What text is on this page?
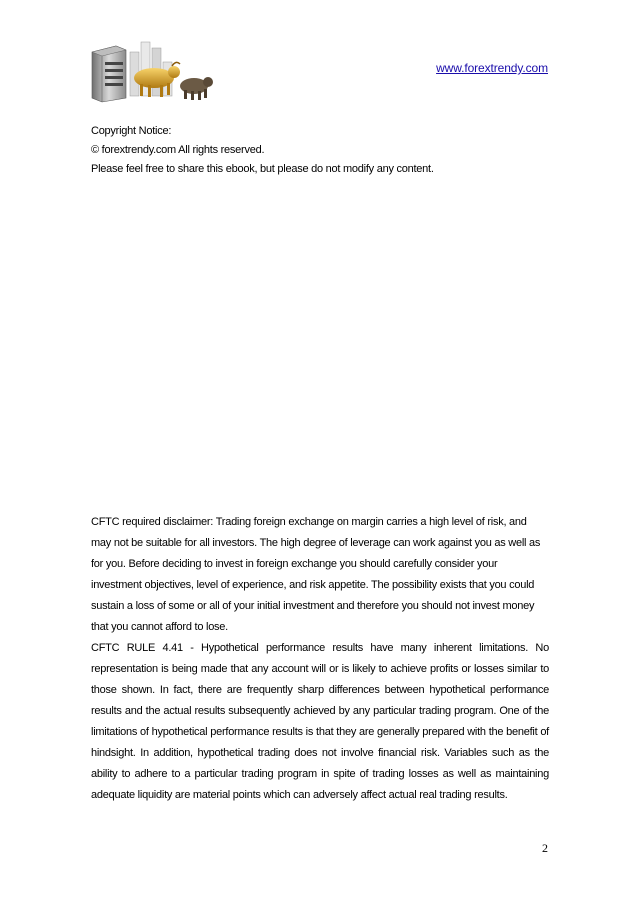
www.forextrendy.com
Copyright Notice:
© forextrendy.com All rights reserved.
Please feel free to share this ebook, but please do not modify any content.

CFTC required disclaimer: Trading foreign exchange on margin carries a high level of risk, and may not be suitable for all investors. The high degree of leverage can work against you as well as for you. Before deciding to invest in foreign exchange you should carefully consider your investment objectives, level of experience, and risk appetite. The possibility exists that you could sustain a loss of some or all of your initial investment and therefore you should not invest money that you cannot afford to lose.

CFTC RULE 4.41 - Hypothetical performance results have many inherent limitations. No representation is being made that any account will or is likely to achieve profits or losses similar to those shown. In fact, there are frequently sharp differences between hypothetical performance results and the actual results subsequently achieved by any particular trading program. One of the limitations of hypothetical performance results is that they are generally prepared with the benefit of hindsight. In addition, hypothetical trading does not involve financial risk. Variables such as the ability to adhere to a particular trading program in spite of trading losses as well as maintaining adequate liquidity are material points which can adversely affect actual real trading results.

2
